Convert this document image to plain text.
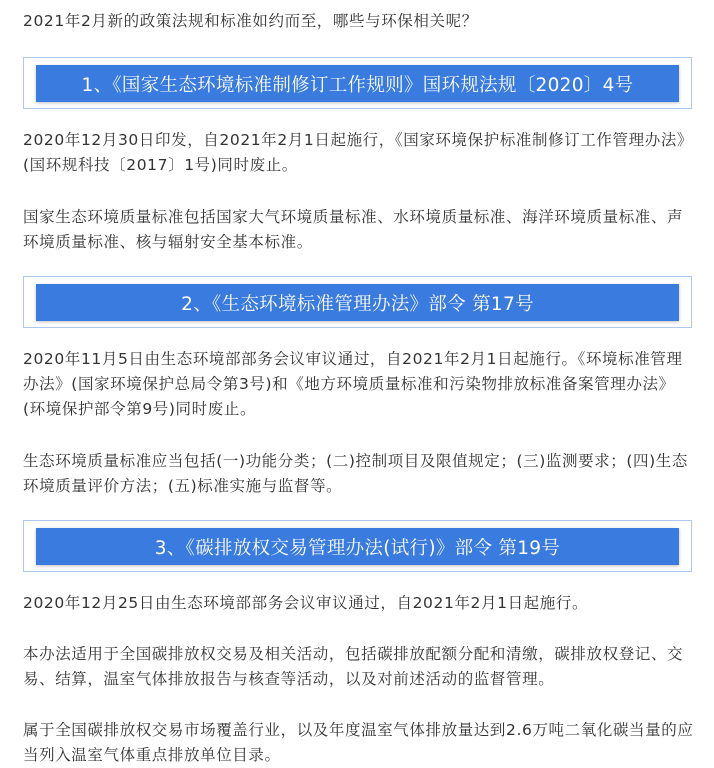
2021年2月新的政策法规和标准如约而至，哪些与环保相关呢？

1、《国家生态环境标准制修订工作规则》国环规法规〔2020〕4号

2020年12月30日印发，自2021年2月1日起施行，《国家环境保护标准制修订工作管理办法》(国环规科技〔2017〕1号)同时废止。

国家生态环境质量标准包括国家大气环境质量标准、水环境质量标准、海洋环境质量标准、声环境质量标准、核与辐射安全基本标准。

2、《生态环境标准管理办法》部令 第17号

2020年11月5日由生态环境部部务会议审议通过，自2021年2月1日起施行。《环境标准管理办法》(国家环境保护总局令第3号)和《地方环境质量标准和污染物排放标准备案管理办法》(环境保护部令第9号)同时废止。

生态环境质量标准应当包括(一)功能分类；(二)控制项目及限值规定；(三)监测要求；(四)生态环境质量评价方法；(五)标准实施与监督等。

3、《碳排放权交易管理办法(试行)》部令 第19号

2020年12月25日由生态环境部部务会议审议通过，自2021年2月1日起施行。

本办法适用于全国碳排放权交易及相关活动，包括碳排放配额分配和清缴，碳排放权登记、交易、结算，温室气体排放报告与核查等活动，以及对前述活动的监督管理。

属于全国碳排放权交易市场覆盖行业，以及年度温室气体排放量达到2.6万吨二氧化碳当量的应当列入温室气体重点排放单位目录。
